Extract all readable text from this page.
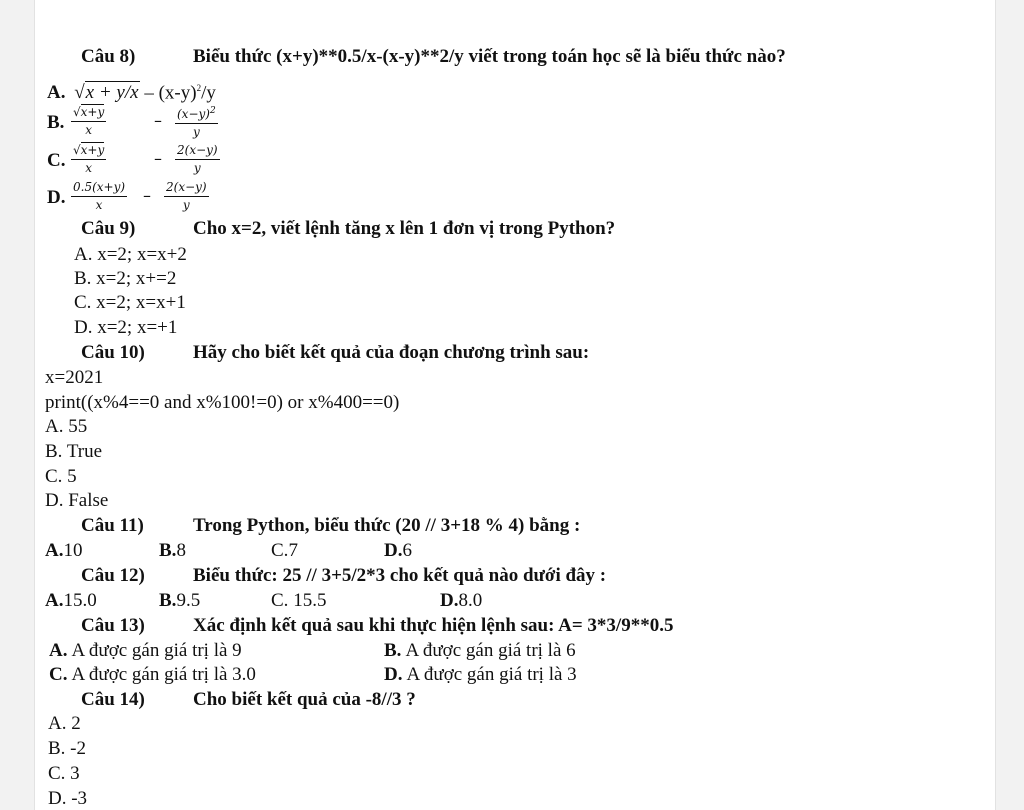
Câu 8)	Biểu thức (x+y)**0.5/x-(x-y)**2/y viết trong toán học sẽ là biểu thức nào?
A. $√x + y/x - (x-y)^2/y$
B. $\frac{√x+y}{x}$	– $\frac{(x-y)^2}{y}$
C. $\frac{√x+y}{x}$	– $\frac{2(x-y)}{y}$
D. $\frac{0.5(x+y)}{x} - \frac{2(x-y)}{y}$
Câu 9)	Cho x=2, viết lệnh tăng x lên 1 đơn vị trong Python?
A. x=2; x=x+2
B. x=2; x+=2
C. x=2; x=x+1
D. x=2; x=+1
Câu 10)	Hãy cho biết kết quả của đoạn chương trình sau:
x=2021
print((x%4==0 and x%100!=0) or x%400==0)
A. 55
B. True
C. 5
D. False
Câu 11)	Trong Python, biểu thức (20 // 3+18 % 4) bằng :
A.10	B.8	C.7	D.6
Câu 12)	Biểu thức: 25 // 3+5/2*3 cho kết quả nào dưới đây :
A.15.0	B.9.5	C. 15.5	D.8.0
Câu 13)	Xác định kết quả sau khi thực hiện lệnh sau: A= 3*3/9**0.5
A. A được gán giá trị là 9	B. A được gán giá trị là 6
C. A được gán giá trị là 3.0	D. A được gán giá trị là 3
Câu 14)	Cho biết kết quả của -8//3 ?
A. 2
B. -2
C. 3
D. -3
